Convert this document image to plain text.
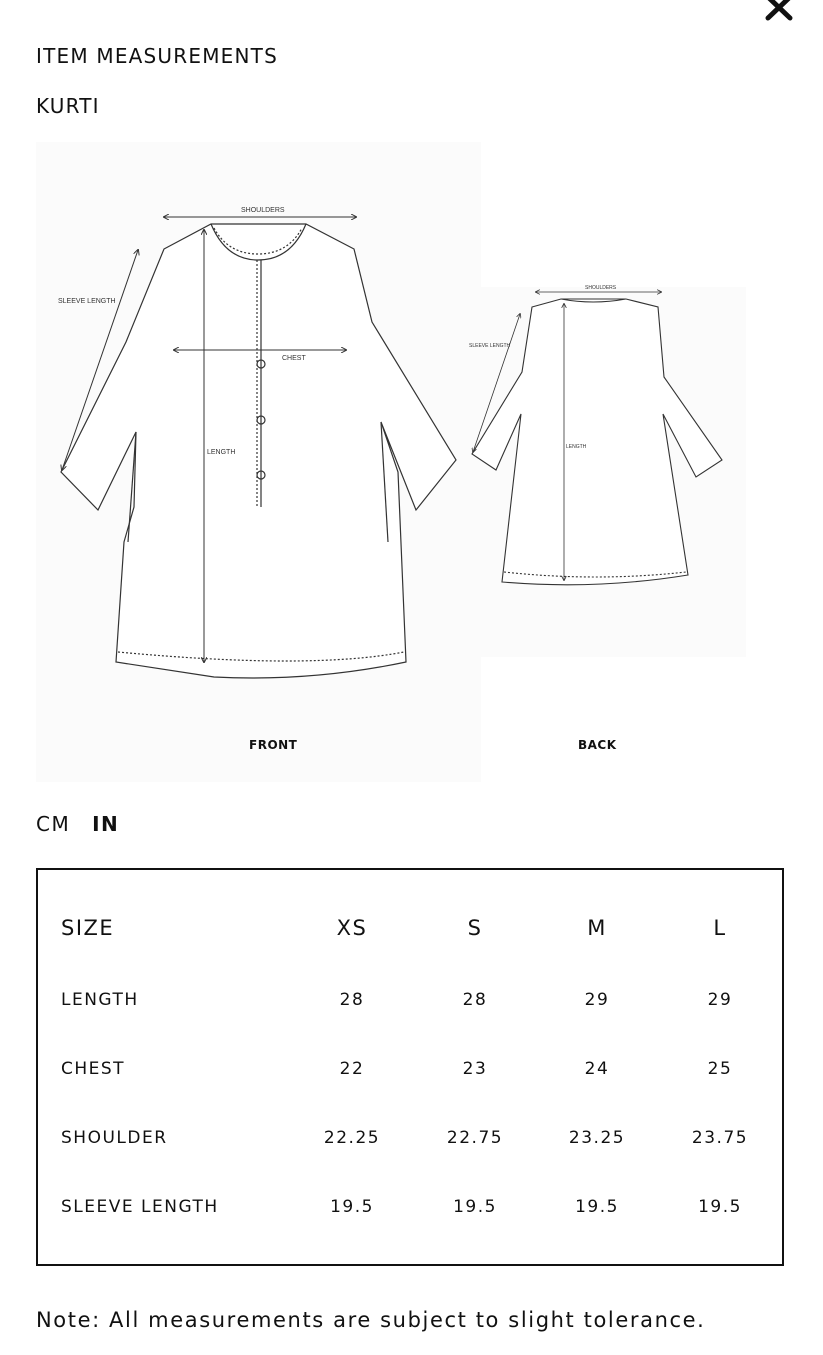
ITEM MEASUREMENTS
KURTI
SHOULDERS
SLEEVE LENGTH
CHEST
LENGTH
SHOULDERS
SLEEVE LENGTH
LENGTH
FRONT	BACK
CM IN
SIZE	XS	S	M	L
LENGTH	28	28	29	29
CHEST	22	23	24	25
SHOULDER	22.25	22.75	23.25	23.75
SLEEVE LENGTH	19.5	19.5	19.5	19.5
Note: All measurements are subject to slight tolerance.
